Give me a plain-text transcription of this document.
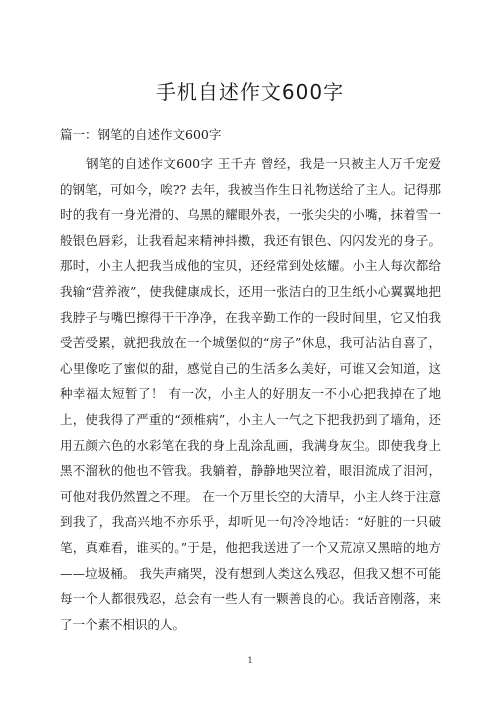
手机自述作文600字

篇一：钢笔的自述作文600字

钢笔的自述作文600字 王千卉 曾经，我是一只被主人万千宠爱的钢笔，可如今，唉?? 去年，我被当作生日礼物送给了主人。记得那时的我有一身光滑的、乌黑的耀眼外表，一张尖尖的小嘴，抹着雪一般银色唇彩，让我看起来精神抖擞，我还有银色、闪闪发光的身子。那时，小主人把我当成他的宝贝，还经常到处炫耀。小主人每次都给我输“营养液”，使我健康成长，还用一张洁白的卫生纸小心翼翼地把我脖子与嘴巴擦得干干净净，在我辛勤工作的一段时间里，它又怕我受苦受累，就把我放在一个城堡似的“房子”休息，我可沾沾自喜了，心里像吃了蜜似的甜，感觉自己的生活多么美好，可谁又会知道，这种幸福太短暂了！ 有一次，小主人的好朋友一不小心把我掉在了地上，使我得了严重的“颈椎病”，小主人一气之下把我扔到了墙角，还用五颜六色的水彩笔在我的身上乱涂乱画，我满身灰尘。即使我身上黑不溜秋的他也不管我。我躺着，静静地哭泣着，眼泪流成了泪河，可他对我仍然置之不理。 在一个万里长空的大清早，小主人终于注意到我了，我高兴地不亦乐乎，却听见一句冷冷地话：“好脏的一只破笔，真难看，谁买的。”于是，他把我送进了一个又荒凉又黑暗的地方——垃圾桶。 我失声痛哭，没有想到人类这么残忍，但我又想不可能每一个人都很残忍，总会有一些人有一颗善良的心。我话音刚落，来了一个素不相识的人。

1
